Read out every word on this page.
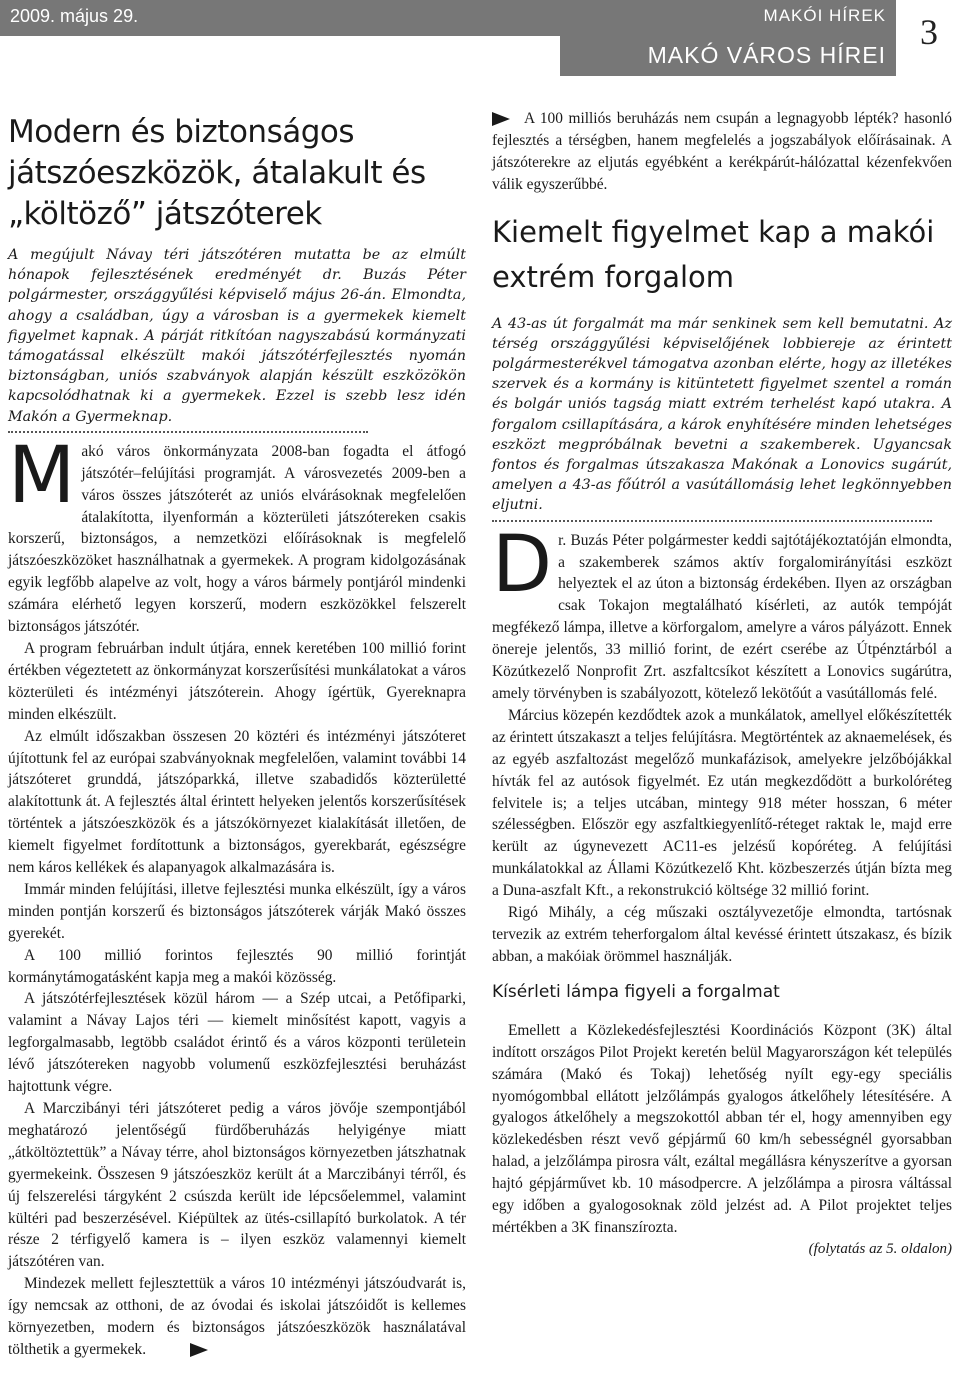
2009. május 29.	MAKÓI HÍREK 3
MAKÓ VÁROS HÍREI
Modern és biztonságos játszóeszközök, átalakult és „költöző” játszóterek

A megújult Návay téri játszótéren mutatta be az elmúlt hónapok fejlesztésének eredményét dr. Buzás Péter polgármester, országgyűlési képviselő május 26-án. Elmondta, ahogy a családban, úgy a városban is a gyermekek kiemelt figyelmet kapnak. A párját ritkítóan nagyszabású kormányzati támogatással elkészült makói játszótérfejlesztés nyomán biztonságban, uniós szabványok alapján készült eszközökön kapcsolódhatnak ki a gyermekek. Ezzel is szebb lesz idén Makón a Gyermeknap.

Makó város önkormányzata 2008-ban fogadta el átfogó játszótér–felújítási programját. A városvezetés 2009-ben a város összes játszóterét az uniós elvárásoknak megfelelően átalakította, ilyenformán a közterületi játszótereken csakis korszerű, biztonságos, a nemzetközi előírásoknak is megfelelő játszóeszközöket használhatnak a gyermekek. A program kidolgozásának egyik legfőbb alapelve az volt, hogy a város bármely pontjáról mindenki számára elérhető legyen korszerű, modern eszközökkel felszerelt biztonságos játszótér.

A program februárban indult útjára, ennek keretében 100 millió forint értékben végeztetett az önkormányzat korszerűsítési munkálatokat a város közterületi és intézményi játszóterein. Ahogy ígértük, Gyereknapra minden elkészült.

Az elmúlt időszakban összesen 20 köztéri és intézményi játszóteret újítottunk fel az európai szabványoknak megfelelően, valamint további 14 játszóteret grunddá, játszóparkká, illetve szabadidős közterületté alakítottunk át. A fejlesztés által érintett helyeken jelentős korszerűsítések történtek a játszóeszközök és a játszókörnyezet kialakítását illetően, de kiemelt figyelmet fordítottunk a biztonságos, gyerekbarát, egészségre nem káros kellékek és alapanyagok alkalmazására is.

Immár minden felújítási, illetve fejlesztési munka elkészült, így a város minden pontján korszerű és biztonságos játszóterek várják Makó összes gyerekét.

A 100 millió forintos fejlesztés 90 millió forintját kormánytámogatásként kapja meg a makói közösség.

A játszótérfejlesztések közül három — a Szép utcai, a Petőfiparki, valamint a Návay Lajos téri — kiemelt minősítést kapott, vagyis a legforgalmasabb, legtöbb családot érintő és a város központi területein lévő játszótereken nagyobb volumenű eszközfejlesztési beruházást hajtottunk végre.

A Marczibányi téri játszóteret pedig a város jövője szempontjából meghatározó jelentőségű fürdőberuházás helyigénye miatt „átköltöztettük” a Návay térre, ahol biztonságos környezetben játszhatnak gyermekeink. Összesen 9 játszóeszköz került át a Marczibányi térről, és új felszerelési tárgyként 2 csúszda került ide lépcsőelemmel, valamint kültéri pad beszerzésével. Kiépültek az ütés-csillapító burkolatok. A tér része 2 térfigyelő kamera is – ilyen eszköz valamennyi kiemelt játszótéren van.

Mindezek mellett fejlesztettük a város 10 intézményi játszóudvarát is, így nemcsak az otthoni, de az óvodai és iskolai játszóidőt is kellemes környezetben, modern és biztonságos játszóeszközök használatával tölthetik a gyermekek.

A 100 milliós beruházás nem csupán a legnagyobb lépték? hasonló fejlesztés a térségben, hanem megfelelés a jogszabályok előírásainak. A játszóterekre az eljutás egyébként a kerékpárút-hálózattal kézenfekvően válik egyszerűbbé.

Kiemelt figyelmet kap a makói extrém forgalom

A 43-as út forgalmát ma már senkinek sem kell bemutatni. Az térség országgyűlési képviselőjének lobbiereje az érintett polgármesterékvel támogatva azonban elérte, hogy az illetékes szervek és a kormány is kitüntetett figyelmet szentel a román és bolgár uniós tagság miatt extrém terhelést kapó utakra. A forgalom csillapítására, a károk enyhítésére minden lehetséges eszközt megpróbálnak bevetni a szakemberek. Ugyancsak fontos és forgalmas útszakasza Makónak a Lonovics sugárút, amelyen a 43-as főútról a vasútállomásig lehet legkönnyebben eljutni.

Dr. Buzás Péter polgármester keddi sajtótájékoztatóján elmondta, a szakemberek számos aktív forgalomirányítási eszközt helyeztek el az úton a biztonság érdekében. Ilyen az országban csak Tokajon megtalálható kísérleti, az autók tempóját megfékező lámpa, illetve a körforgalom, amelyre a város pályázott. Ennek önereje jelentős, 33 millió forint, de ezért cserébe az Útpénztárból a Közútkezelő Nonprofit Zrt. aszfaltcsíkot készített a Lonovics sugárútra, amely törvényben is szabályozott, kötelező lekötőút a vasútállomás felé.

Március közepén kezdődtek azok a munkálatok, amellyel előkészítették az érintett útszakaszt a teljes felújításra. Megtörténtek az aknaemelések, és az egyéb aszfaltozást megelőző munkafázisok, amelyekre jelzőbójákkal hívták fel az autósok figyelmét. Ez után megkezdődött a burkolóréteg felvitele is; a teljes utcában, mintegy 918 méter hosszan, 6 méter szélességben. Először egy aszfaltkiegyenlítő-réteget raktak le, majd erre került az úgynevezett AC11-es jelzésű kopóréteg. A felújítási munkálatokkal az Állami Közútkezelő Kht. közbeszerzés útján bízta meg a Duna-aszfalt Kft., a rekonstrukció költsége 32 millió forint.

Rigó Mihály, a cég műszaki osztályvezetője elmondta, tartósnak tervezik az extrém teherforgalom által kevéssé érintett útszakasz, és bízik abban, a makóiak örömmel használják.

Kísérleti lámpa figyeli a forgalmat

Emellett a Közlekedésfejlesztési Koordinációs Központ (3K) által indított országos Pilot Projekt keretén belül Magyarországon két település számára (Makó és Tokaj) lehetőség nyílt egy-egy speciális nyomógombbal ellátott jelzőlámpás gyalogos átkelőhely létesítésére. A gyalogos átkelőhely a megszokottól abban tér el, hogy amennyiben egy közlekedésben részt vevő gépjármű 60 km/h sebességnél gyorsabban halad, a jelzőlámpa pirosra vált, ezáltal megállásra kényszerítve a gyorsan hajtó gépjárművet kb. 10 másodpercre. A jelzőlámpa a pirosra váltással egy időben a gyalogosoknak zöld jelzést ad. A Pilot projektet teljes mértékben a 3K finanszírozta.

(folytatás az 5. oldalon)
